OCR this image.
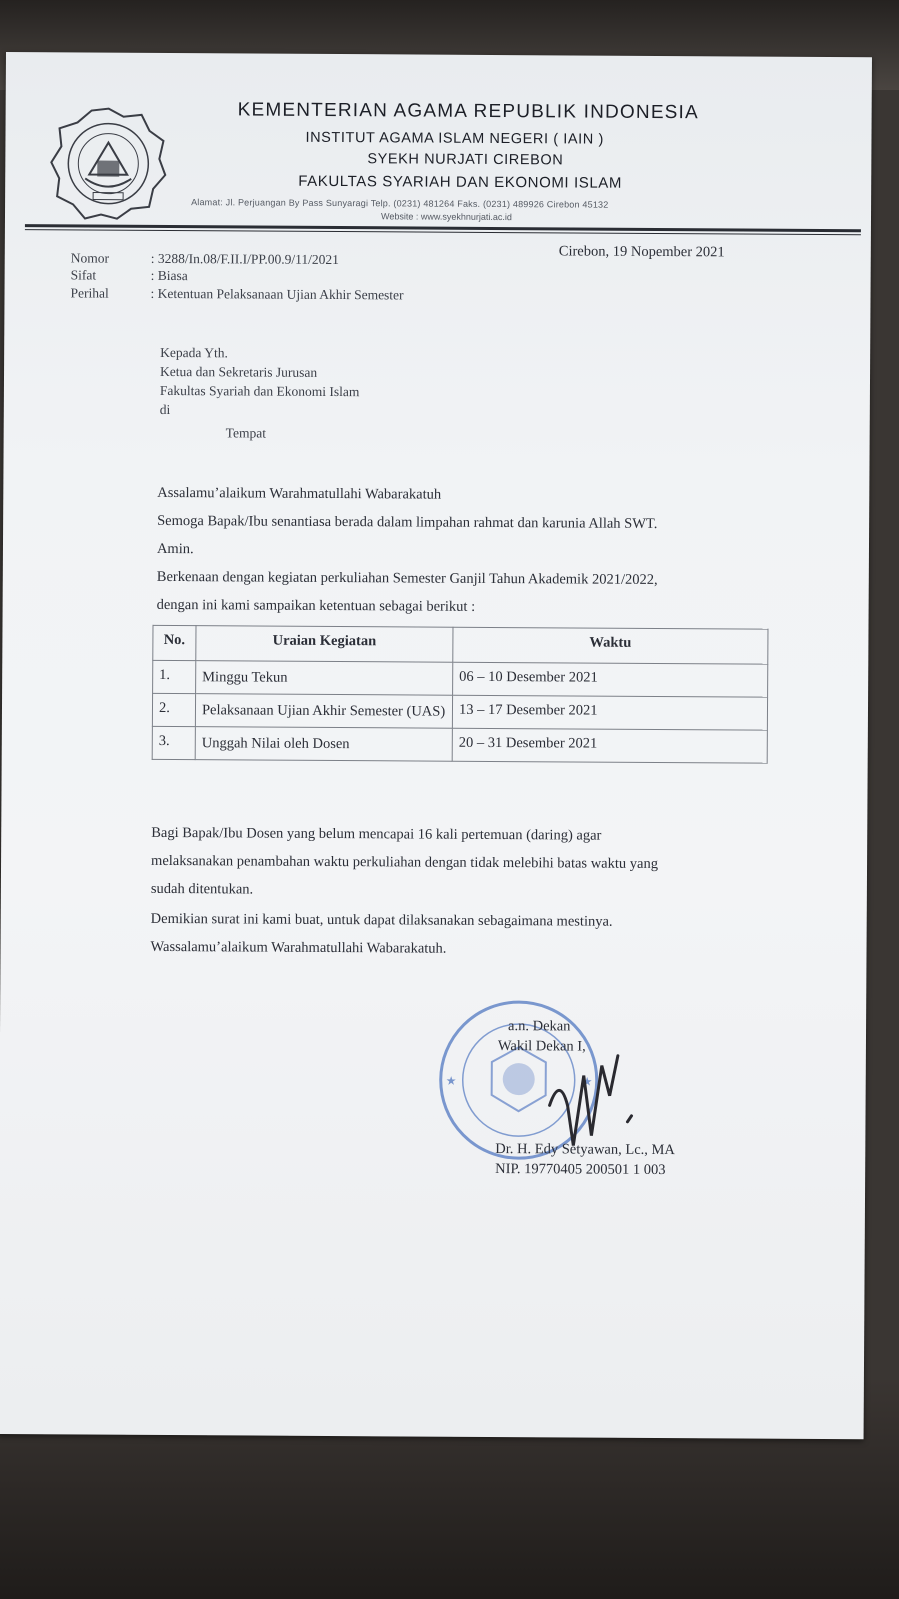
KEMENTERIAN AGAMA REPUBLIK INDONESIA
INSTITUT AGAMA ISLAM NEGERI ( IAIN )
SYEKH NURJATI CIREBON
FAKULTAS SYARIAH DAN EKONOMI ISLAM
Alamat: Jl. Perjuangan By Pass Sunyaragi Telp. (0231) 481264 Faks. (0231) 489926 Cirebon 45132
Website : www.syekhnurjati.ac.id
Nomor	: 3288/In.08/F.II.I/PP.00.9/11/2021
Sifat	: Biasa
Perihal	: Ketentuan Pelaksanaan Ujian Akhir Semester
Cirebon, 19 Nopember 2021
Kepada Yth.
Ketua dan Sekretaris Jurusan
Fakultas Syariah dan Ekonomi Islam
di
Tempat
Assalamu’alaikum Warahmatullahi Wabarakatuh
Semoga Bapak/Ibu senantiasa berada dalam limpahan rahmat dan karunia Allah SWT.
Amin.
Berkenaan dengan kegiatan perkuliahan Semester Ganjil Tahun Akademik 2021/2022,
dengan ini kami sampaikan ketentuan sebagai berikut :
No.	Uraian Kegiatan	Waktu
1.	Minggu Tekun	06 – 10 Desember 2021
2.	Pelaksanaan Ujian Akhir Semester (UAS)	13 – 17 Desember 2021
3.	Unggah Nilai oleh Dosen	20 – 31 Desember 2021
Bagi Bapak/Ibu Dosen yang belum mencapai 16 kali pertemuan (daring) agar
melaksanakan penambahan waktu perkuliahan dengan tidak melebihi batas waktu yang
sudah ditentukan.
Demikian surat ini kami buat, untuk dapat dilaksanakan sebagaimana mestinya.
Wassalamu’alaikum Warahmatullahi Wabarakatuh.
★	★
a.n. Dekan
Wakil Dekan I,
Dr. H. Edy Setyawan, Lc., MA
NIP. 19770405 200501 1 003
